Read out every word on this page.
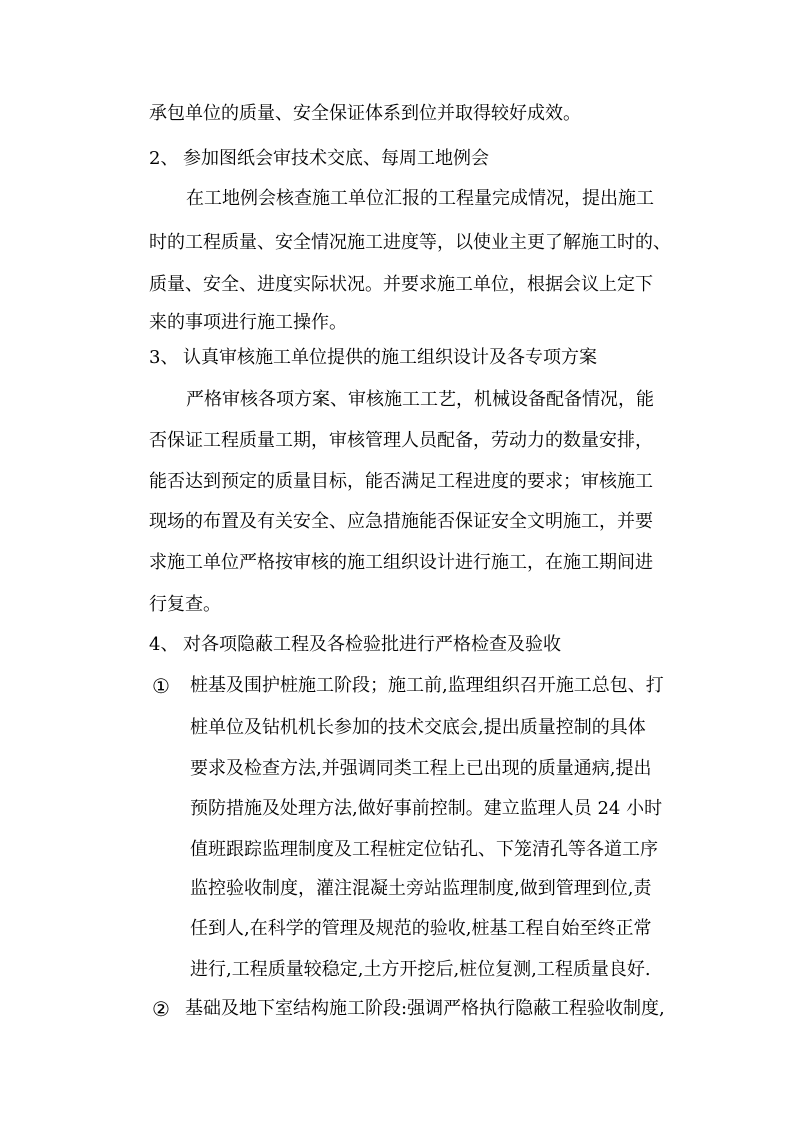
承包单位的质量、安全保证体系到位并取得较好成效。
2、 参加图纸会审技术交底、每周工地例会
在工地例会核查施工单位汇报的工程量完成情况，提出施工
时的工程质量、安全情况施工进度等，以使业主更了解施工时的、
质量、安全、进度实际状况。并要求施工单位，根据会议上定下
来的事项进行施工操作。
3、 认真审核施工单位提供的施工组织设计及各专项方案
严格审核各项方案、审核施工工艺，机械设备配备情况，能
否保证工程质量工期，审核管理人员配备，劳动力的数量安排，
能否达到预定的质量目标，能否满足工程进度的要求；审核施工
现场的布置及有关安全、应急措施能否保证安全文明施工，并要
求施工单位严格按审核的施工组织设计进行施工，在施工期间进
行复查。
4、 对各项隐蔽工程及各检验批进行严格检查及验收
① 桩基及围护桩施工阶段；施工前,监理组织召开施工总包、打
桩单位及钻机机长参加的技术交底会,提出质量控制的具体
要求及检查方法,并强调同类工程上已出现的质量通病,提出
预防措施及处理方法,做好事前控制。建立监理人员 24 小时
值班跟踪监理制度及工程桩定位钻孔、下笼清孔等各道工序
监控验收制度，灌注混凝土旁站监理制度,做到管理到位,责
任到人,在科学的管理及规范的验收,桩基工程自始至终正常
进行,工程质量较稳定,土方开挖后,桩位复测,工程质量良好.
② 基础及地下室结构施工阶段:强调严格执行隐蔽工程验收制度,
